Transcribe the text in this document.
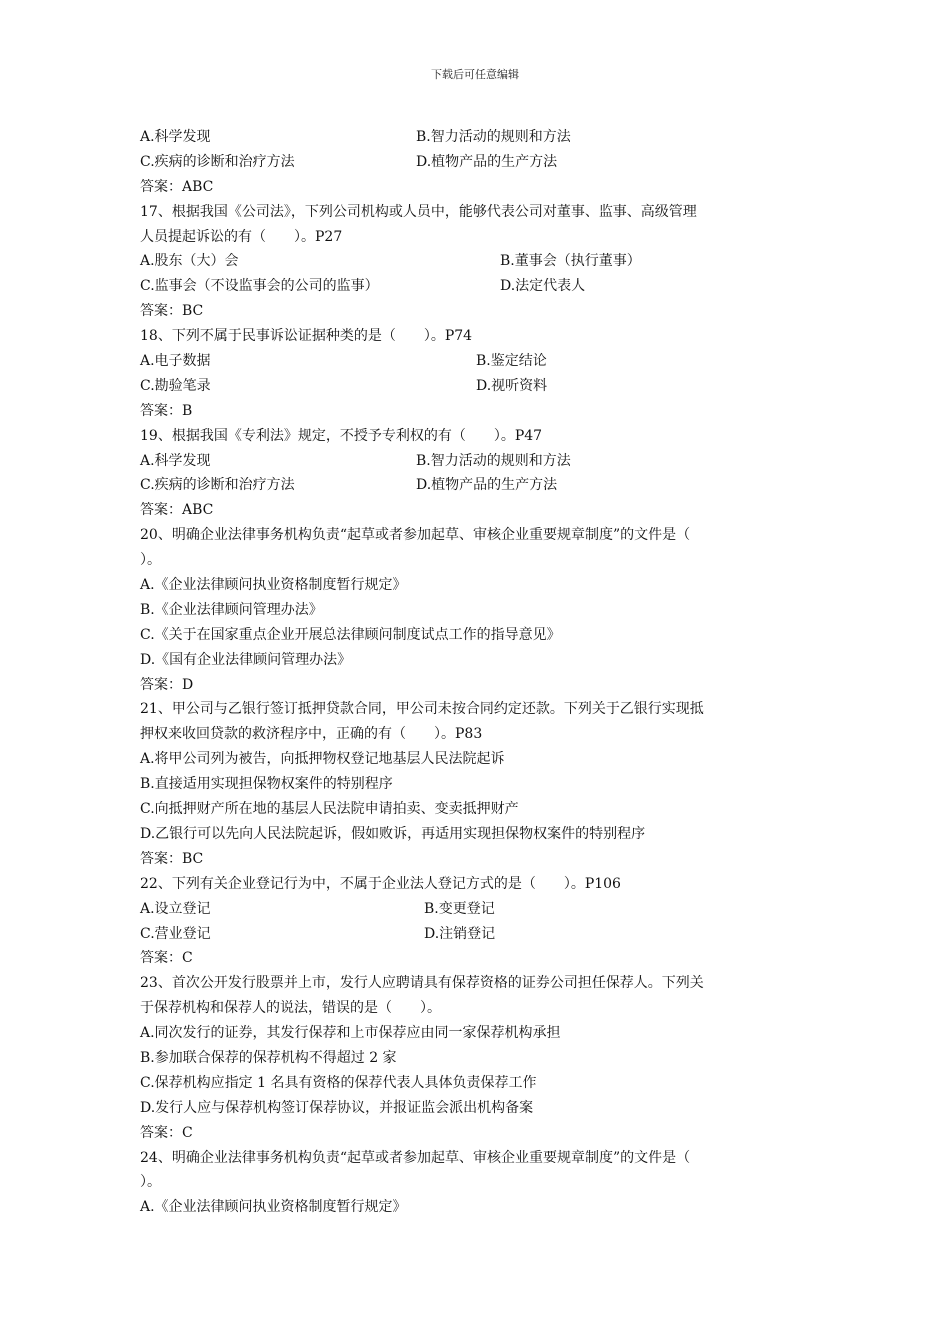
下载后可任意编辑
A.科学发现	B.智力活动的规则和方法
C.疾病的诊断和治疗方法	D.植物产品的生产方法
答案：ABC
17、根据我国《公司法》，下列公司机构或人员中，能够代表公司对董事、监事、高级管理
人员提起诉讼的有（　　）。P27
A.股东（大）会	B.董事会（执行董事）
C.监事会（不设监事会的公司的监事）	D.法定代表人
答案：BC
18、下列不属于民事诉讼证据种类的是（　　）。P74
A.电子数据	B.鉴定结论
C.勘验笔录	D.视听资料
答案：B
19、根据我国《专利法》规定，不授予专利权的有（　　）。P47
A.科学发现	B.智力活动的规则和方法
C.疾病的诊断和治疗方法	D.植物产品的生产方法
答案：ABC
20、明确企业法律事务机构负责“起草或者参加起草、审核企业重要规章制度”的文件是（
）。
A.《企业法律顾问执业资格制度暂行规定》
B.《企业法律顾问管理办法》
C.《关于在国家重点企业开展总法律顾问制度试点工作的指导意见》
D.《国有企业法律顾问管理办法》
答案：D
21、甲公司与乙银行签订抵押贷款合同，甲公司未按合同约定还款。下列关于乙银行实现抵
押权来收回贷款的救济程序中，正确的有（　　）。P83
A.将甲公司列为被告，向抵押物权登记地基层人民法院起诉
B.直接适用实现担保物权案件的特别程序
C.向抵押财产所在地的基层人民法院申请拍卖、变卖抵押财产
D.乙银行可以先向人民法院起诉，假如败诉，再适用实现担保物权案件的特别程序
答案：BC
22、下列有关企业登记行为中，不属于企业法人登记方式的是（　　）。P106
A.设立登记	B.变更登记
C.营业登记	D.注销登记
答案：C
23、首次公开发行股票并上市，发行人应聘请具有保荐资格的证券公司担任保荐人。下列关
于保荐机构和保荐人的说法，错误的是（　　）。
A.同次发行的证券，其发行保荐和上市保荐应由同一家保荐机构承担
B.参加联合保荐的保荐机构不得超过 2 家
C.保荐机构应指定 1 名具有资格的保荐代表人具体负责保荐工作
D.发行人应与保荐机构签订保荐协议，并报证监会派出机构备案
答案：C
24、明确企业法律事务机构负责“起草或者参加起草、审核企业重要规章制度”的文件是（
）。
A.《企业法律顾问执业资格制度暂行规定》
